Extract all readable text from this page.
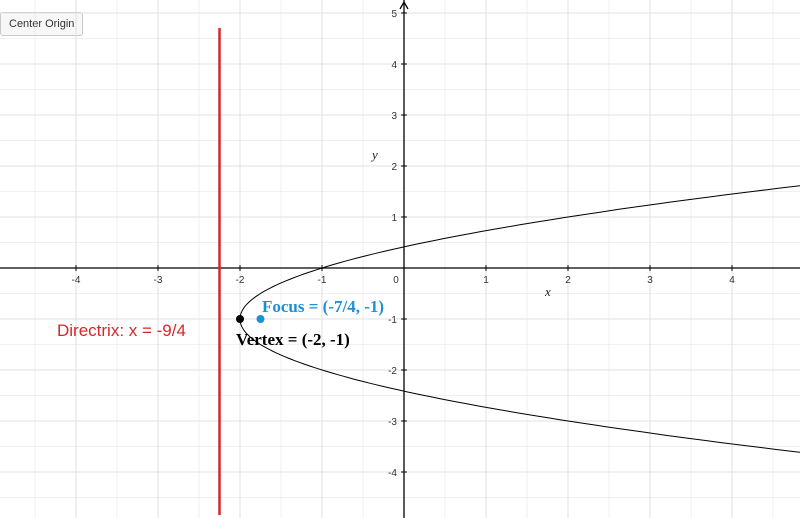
Center Origin
-4	-3	-2	-1	0	1	2	3	4
5
4
3
2
1
-1
-2
-3
-4
x
y
Directrix: x = -9/4
Focus = (-7/4, -1)
Vertex = (-2, -1)
